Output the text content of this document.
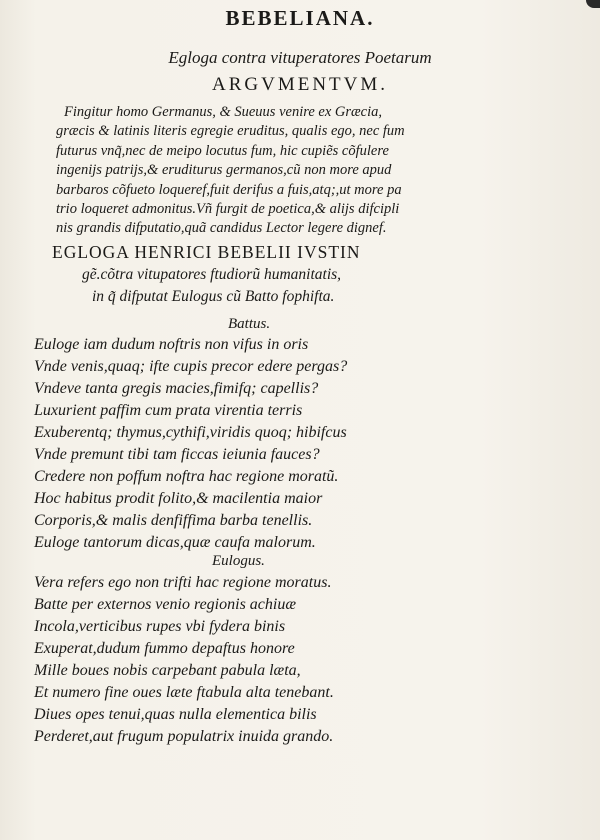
BEBELIANA.
Egloga contra vituperatores Poetarum
ARGVMENTVM.
Fingitur homo Germanus, & Sueuus venire ex Græcia,
græcis & latinis literis egregie eruditus, qualis ego, nec fum
futurus vnq̃,nec de meipo locutus fum, hic cupiẽs cõfulere
ingenijs patrijs,& eruditurus germanos,cũ non more apud
barbaros cõfueto loqueref,fuit derifus a fuis,atq;,ut more pa
trio loqueret admonitus.Vñ furgit de poetica,& alijs difcipli
nis grandis difputatio,quã candidus Lector legere dignef.
EGLOGA HENRICI BEBELII IVSTIN
gẽ.cõtra vitupatores ftudiorũ humanitatis,
in q̃ difputat Eulogus cũ Batto fophifta.
Battus.
Euloge iam dudum noftris non vifus in oris
Vnde venis,quaq; ifte cupis precor edere pergas?
Vndeve tanta gregis macies,fimifq; capellis?
Luxurient paffim cum prata virentia terris
Exuberentq; thymus,cythifi,viridis quoq; hibifcus
Vnde premunt tibi tam ficcas ieiunia fauces?
Credere non poffum noftra hac regione moratũ.
Hoc habitus prodit folito,& macilentia maior
Corporis,& malis denfiffima barba tenellis.
Euloge tantorum dicas,quæ caufa malorum.
Eulogus.
Vera refers ego non trifti hac regione moratus.
Batte per externos venio regionis achiuæ
Incola,verticibus rupes vbi fydera binis
Exuperat,dudum fummo depaftus honore
Mille boues nobis carpebant pabula læta,
Et numero fine oues læte ftabula alta tenebant.
Diues opes tenui,quas nulla elementica bilis
Perderet,aut frugum populatrix inuida grando.
